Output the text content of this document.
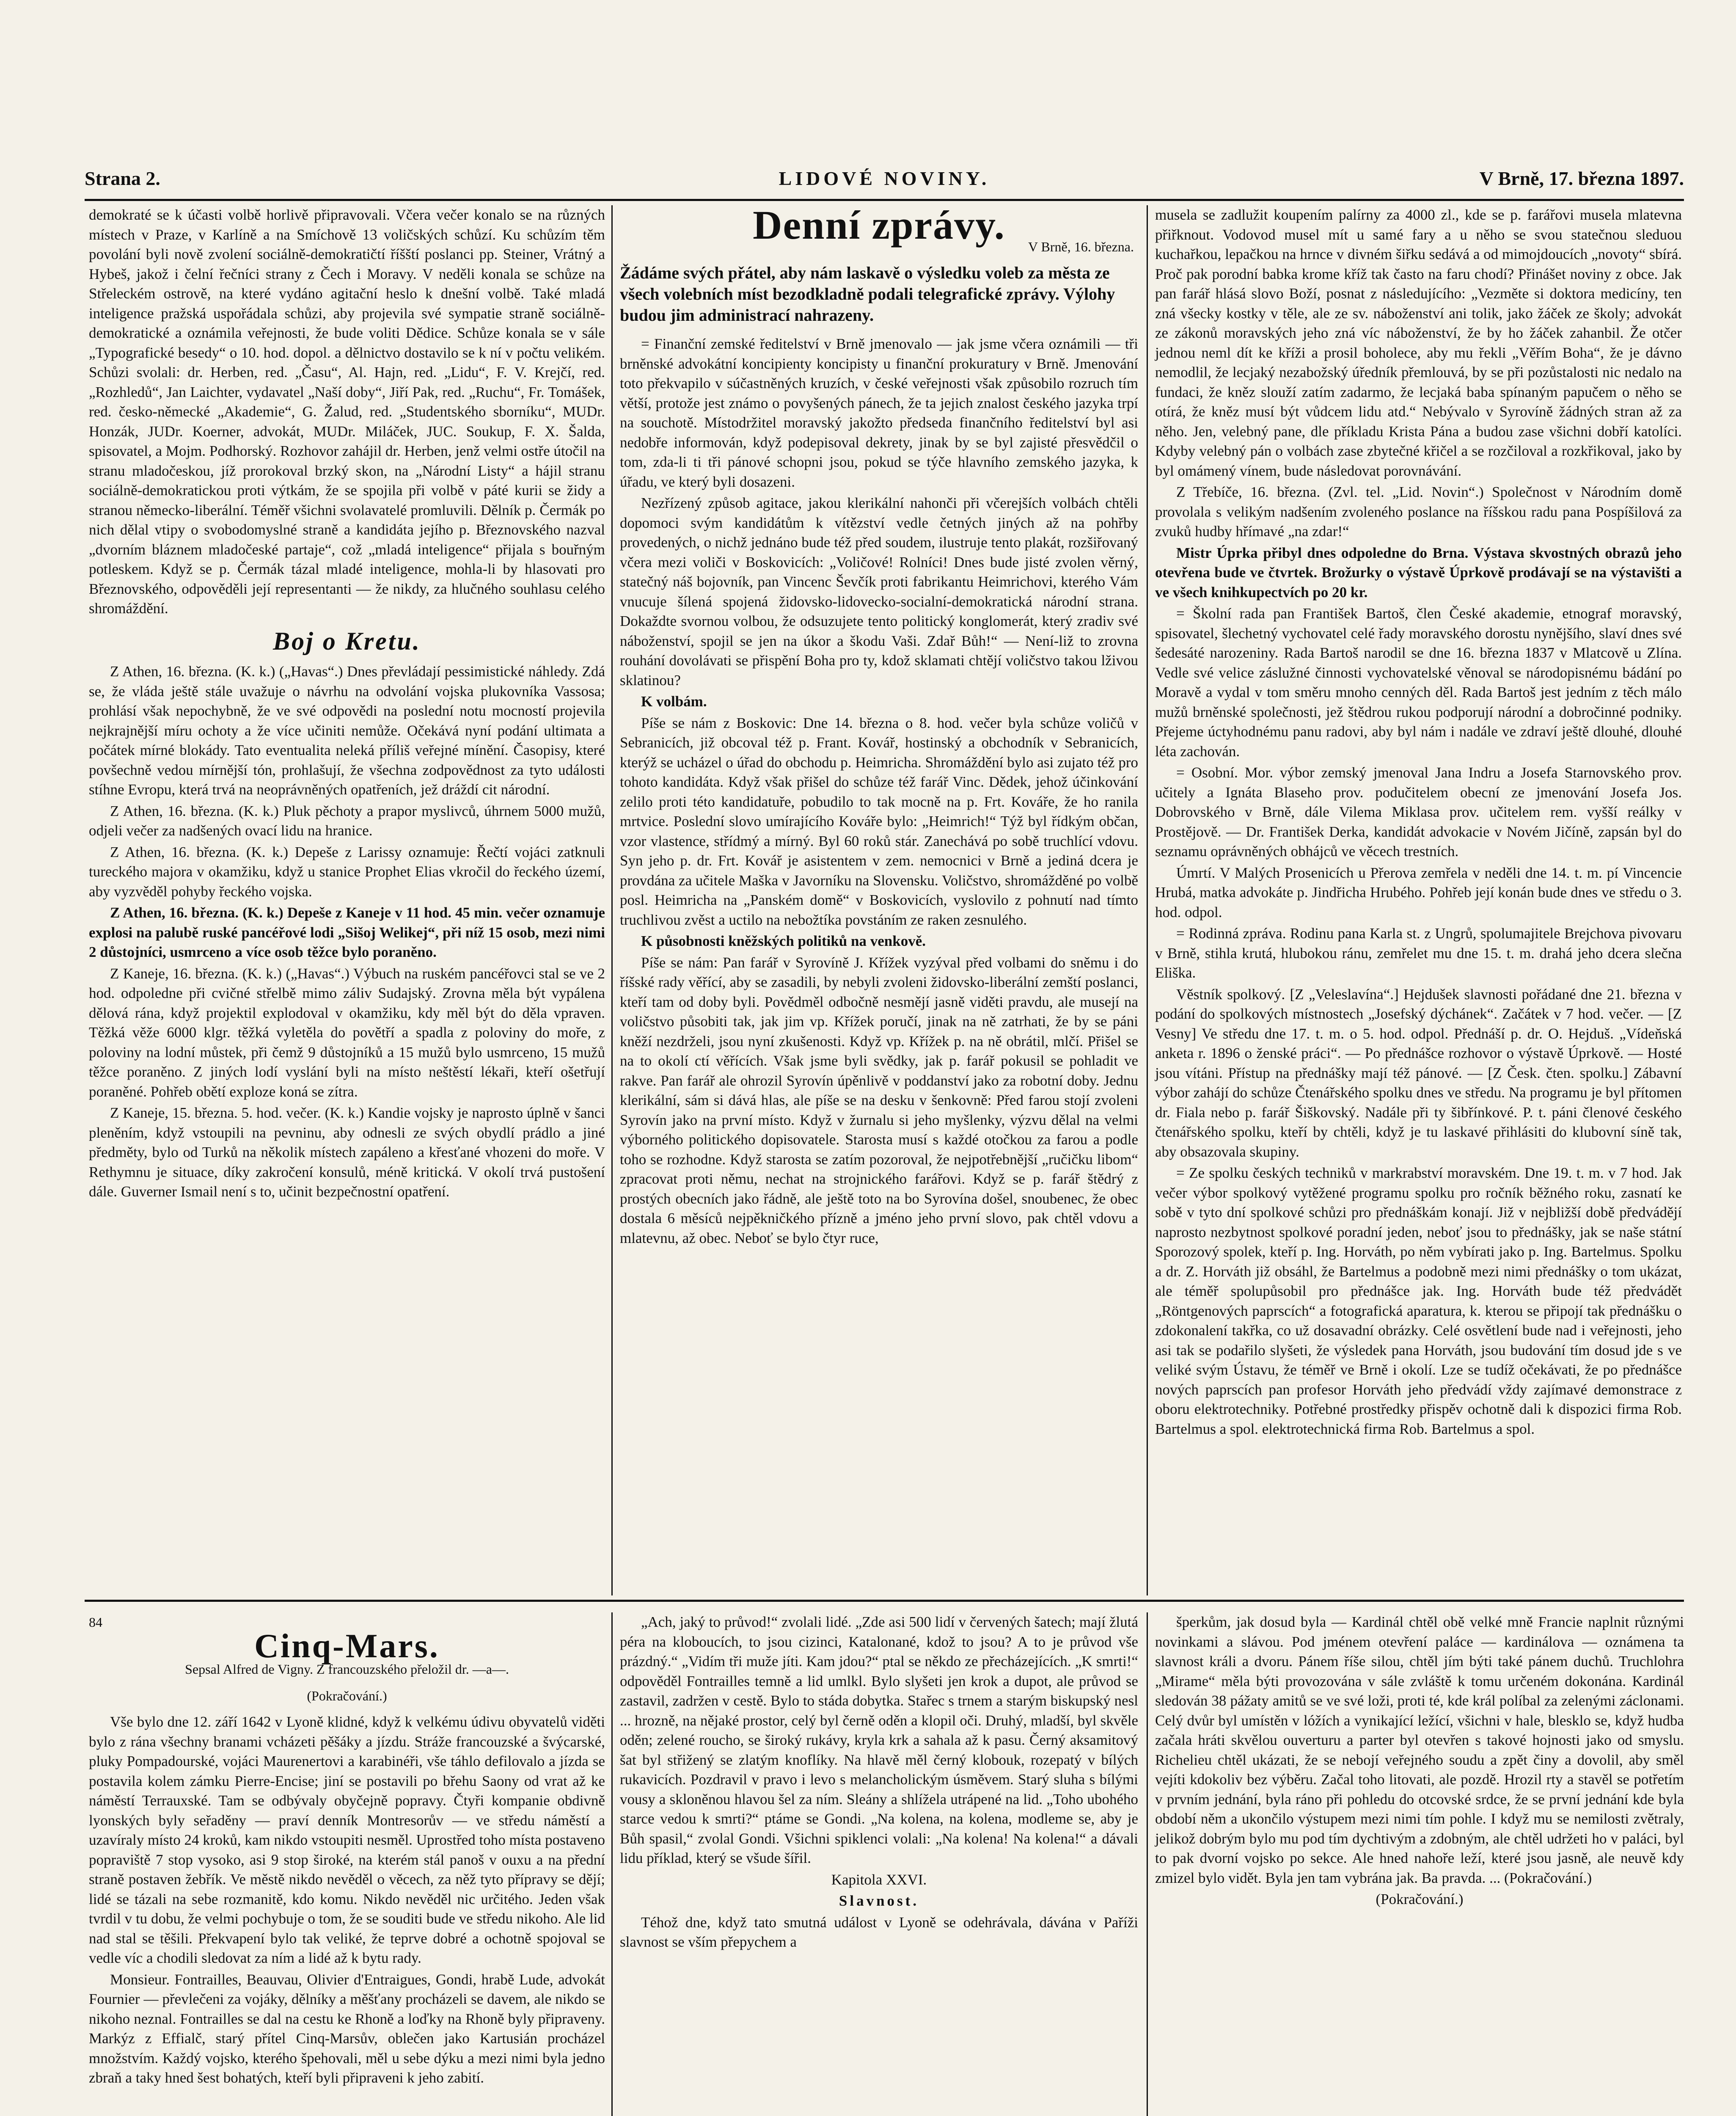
Strana 2.	LIDOVÉ NOVINY.	V Brně, 17. března 1897.

demokraté se k účasti volbě horlivě připravovali. Včera večer konalo se na různých místech v Praze, v Karlíně a na Smíchově 13 voličských schůzí. Ku schůzím těm povolání byli nově zvolení sociálně-demokratičtí říšští poslanci pp. Steiner, Vrátný a Hybeš, jakož i čelní řečníci strany z Čech i Moravy. V neděli konala se schůze na Střeleckém ostrově, na které vydáno agitační heslo k dnešní volbě. Také mladá inteligence pražská uspořádala schůzi, aby projevila své sympatie straně sociálně-demokratické a oznámila veřejnosti, že bude voliti Dědice. Schůze konala se v sále „Typografické besedy“ o 10. hod. dopol. a dělnictvo dostavilo se k ní v počtu velikém. Schůzi svolali: dr. Herben, red. „Času“, Al. Hajn, red. „Lidu“, F. V. Krejčí, red. „Rozhledů“, Jan Laichter, vydavatel „Naší doby“, Jiří Pak, red. „Ruchu“, Fr. Tomášek, red. česko-německé „Akademie“, G. Žalud, red. „Studentského sborníku“, MUDr. Honzák, JUDr. Koerner, advokát, MUDr. Miláček, JUC. Soukup, F. X. Šalda, spisovatel, a Mojm. Podhorský. Rozhovor zahájil dr. Herben, jenž velmi ostře útočil na stranu mladočeskou, jíž prorokoval brzký skon, na „Národní Listy“ a hájil stranu sociálně-demokratickou proti výtkám, že se spojila při volbě v páté kurii se židy a stranou německo-liberální. Téměř všichni svolavatelé promluvili. Dělník p. Čermák po nich dělal vtipy o svobodomyslné straně a kandidáta jejího p. Březnovského nazval „dvorním bláznem mladočeské partaje“, což „mladá inteligence“ přijala s bouřným potleskem. Když se p. Čermák tázal mladé inteligence, mohla-li by hlasovati pro Březnovského, odpověděli její representanti — že nikdy, za hlučného souhlasu celého shromáždění.

Boj o Kretu.

Z Athen, 16. března. (K. k.) („Havas“.) Dnes převládají pessimistické náhledy. Zdá se, že vláda ještě stále uvažuje o návrhu na odvolání vojska plukovníka Vassosa; prohlásí však nepochybně, že ve své odpovědi na poslední notu mocností projevila nejkrajnější míru ochoty a že více učiniti nemůže. Očekává nyní podání ultimata a počátek mírné blokády. Tato eventualita neleká příliš veřejné mínění. Časopisy, které povšechně vedou mírnější tón, prohlašují, že všechna zodpovědnost za tyto události stíhne Evropu, která trvá na neoprávněných opatřeních, jež dráždí cit národní.

Z Athen, 16. března. (K. k.) Pluk pěchoty a prapor myslivců, úhrnem 5000 mužů, odjeli večer za nadšených ovací lidu na hranice.

Z Athen, 16. března. (K. k.) Depeše z Larissy oznamuje: Řečtí vojáci zatknuli tureckého majora v okamžiku, když u stanice Prophet Elias vkročil do řeckého území, aby vyzvěděl pohyby řeckého vojska.

Z Athen, 16. března. (K. k.) Depeše z Kaneje v 11 hod. 45 min. večer oznamuje explosi na palubě ruské pancéřové lodi „Sišoj Welikej“, při níž 15 osob, mezi nimi 2 důstojníci, usmrceno a více osob těžce bylo poraněno.

Z Kaneje, 16. března. (K. k.) („Havas“.) Výbuch na ruském pancéřovci stal se ve 2 hod. odpoledne při cvičné střelbě mimo záliv Sudajský. Zrovna měla být vypálena dělová rána, když projektil explodoval v okamžiku, kdy měl být do děla vpraven. Těžká věže 6000 klgr. těžká vyletěla do povětří a spadla z poloviny do moře, z poloviny na lodní můstek, při čemž 9 důstojníků a 15 mužů bylo usmrceno, 15 mužů těžce poraněno. Z jiných lodí vyslání byli na místo neštěstí lékaři, kteří ošetřují poraněné. Pohřeb obětí exploze koná se zítra.

Z Kaneje, 15. března. 5. hod. večer. (K. k.) Kandie vojsky je naprosto úplně v šanci pleněním, když vstoupili na pevninu, aby odnesli ze svých obydlí prádlo a jiné předměty, bylo od Turků na několik místech zapáleno a křesťané vhozeni do moře. V Rethymnu je situace, díky zakročení konsulů, méně kritická. V okolí trvá pustošení dále. Guverner Ismail není s to, učinit bezpečnostní opatření.

Denní zprávy.	V Brně, 16. března.
Žádáme svých přátel, aby nám laskavě o výsledku voleb za města ze všech volebních míst bezodkladně podali telegrafické zprávy. Výlohy budou jim administrací nahrazeny.

= Finanční zemské ředitelství v Brně jmenovalo — jak jsme včera oznámili — tři brněnské advokátní koncipienty koncipisty u finanční prokuratury v Brně. Jmenování toto překvapilo v súčastněných kruzích, v české veřejnosti však způsobilo rozruch tím větší, protože jest známo o povyšených pánech, že ta jejich znalost českého jazyka trpí na souchotě. Místodržitel moravský jakožto předseda finančního ředitelství byl asi nedobře informován, když podepisoval dekrety, jinak by se byl zajisté přesvědčil o tom, zda-li ti tři pánové schopni jsou, pokud se týče hlavního zemského jazyka, k úřadu, ve který byli dosazeni.

Nezřízený způsob agitace, jakou klerikální nahonči při včerejších volbách chtěli dopomoci svým kandidátům k vítězství vedle četných jiných až na pohřby provedených, o nichž jednáno bude též před soudem, ilustruje tento plakát, rozšiřovaný včera mezi voliči v Boskovicích: „Voličové! Rolníci! Dnes bude jisté zvolen věrný, statečný náš bojovník, pan Vincenc Ševčík proti fabrikantu Heimrichovi, kterého Vám vnucuje šílená spojená židovsko-lidovecko-socialní-demokratická národní strana. Dokaždte svornou volbou, že odsuzujete tento politický konglomerát, který zradiv své náboženství, spojil se jen na úkor a škodu Vaši. Zdař Bůh!“ — Není-liž to zrovna rouhání dovolávati se přispění Boha pro ty, kdož sklamati chtějí voličstvo takou lživou sklatinou?

K volbám.

Píše se nám z Boskovic: Dne 14. března o 8. hod. večer byla schůze voličů v Sebranicích, již obcoval též p. Frant. Kovář, hostinský a obchodník v Sebranicích, kterýž se ucházel o úřad do obchodu p. Heimricha. Shromáždění bylo asi zujato též pro tohoto kandidáta. Když však přišel do schůze též farář Vinc. Dědek, jehož účinkování zelilo proti této kandidatuře, pobudilo to tak mocně na p. Frt. Kováře, že ho ranila mrtvice. Poslední slovo umírajícího Kováře bylo: „Heimrich!“ Týž byl řídkým občan, vzor vlastence, střídmý a mírný. Byl 60 roků stár. Zanechává po sobě truchlící vdovu. Syn jeho p. dr. Frt. Kovář je asistentem v zem. nemocnici v Brně a jediná dcera je provdána za učitele Maška v Javorníku na Slovensku. Voličstvo, shromážděné po volbě posl. Heimricha na „Panském domě“ v Boskovicích, vyslovilo z pohnutí nad tímto truchlivou zvěst a uctilo na nebožtíka povstáním ze raken zesnulého.

K působnosti kněžských politiků na venkově.

Píše se nám: Pan farář v Syrovíně J. Křížek vyzýval před volbami do sněmu i do říšské rady věřící, aby se zasadili, by nebyli zvoleni židovsko-liberální zemští poslanci, kteří tam od doby byli. Povědměl odbočně nesmějí jasně viděti pravdu, ale musejí na voličstvo působiti tak, jak jim vp. Křížek poručí, jinak na ně zatrhati, že by se páni kněží nezdrželi, jsou nyní zkušenosti. Když vp. Křížek p. na ně obrátil, mlčí. Přišel se na to okolí ctí věřících. Však jsme byli svědky, jak p. farář pokusil se pohladit ve rakve. Pan farář ale ohrozil Syrovín úpěnlivě v poddanství jako za robotní doby. Jednu klerikální, sám si dává hlas, ale píše se na desku v šenkovně: Před farou stojí zvoleni Syrovín jako na první místo. Když v žurnalu si jeho myšlenky, výzvu dělal na velmi výborného politického dopisovatele. Starosta musí s každé otočkou za farou a podle toho se rozhodne. Když starosta se zatím pozoroval, že nejpotřebnější „ručičku libom“ zpracovat proti němu, nechat na strojnického farářovi. Když se p. farář štědrý z prostých obecních jako řádně, ale ještě toto na bo Syrovína došel, snoubenec, že obec dostala 6 měsíců nejpěkničkého přízně a jméno jeho první slovo, pak chtěl vdovu a mlatevnu, až obec. Neboť se bylo čtyr ruce,

musela se zadlužit koupením palírny za 4000 zl., kde se p. farářovi musela mlatevna přiřknout. Vodovod musel mít u samé fary a u něho se svou statečnou sleduou kuchařkou, lepačkou na hrnce v divném šiřku sedává a od mimojdoucích „novoty“ sbírá. Proč pak porodní babka krome kříž tak často na faru chodí? Přinášet noviny z obce. Jak pan farář hlásá slovo Boží, posnat z následujícího: „Vezměte si doktora medicíny, ten zná všecky kostky v těle, ale ze sv. náboženství ani tolik, jako žáček ze školy; advokát ze zákonů moravských jeho zná víc náboženství, že by ho žáček zahanbil. Že otčer jednou neml dít ke kříži a prosil boholece, aby mu řekli „Věřím Boha“, že je dávno nemodlil, že lecjaký nezabožský úředník přemlouvá, by se při pozůstalosti nic nedalo na fundaci, že kněz slouží zatím zadarmo, že lecjaká baba spínaným papučem o něho se otírá, že kněz musí být vůdcem lidu atd.“ Nebývalo v Syrovíně žádných stran až za něho. Jen, velebný pane, dle příkladu Krista Pána a budou zase všichni dobří katolíci. Kdyby velebný pán o volbách zase zbytečné křičel a se rozčiloval a rozkřikoval, jako by byl omámený vínem, bude následovat porovnávání.

Z Třebíče, 16. března. (Zvl. tel. „Lid. Novin“.) Společnost v Národním domě provolala s velikým nadšením zvoleného poslance na říšskou radu pana Pospíšilová za zvuků hudby hřímavé „na zdar!“

Mistr Úprka přibyl dnes odpoledne do Brna. Výstava skvostných obrazů jeho otevřena bude ve čtvrtek. Brožurky o výstavě Úprkově prodávají se na výstavišti a ve všech knihkupectvích po 20 kr.

= Školní rada pan František Bartoš, člen České akademie, etnograf moravský, spisovatel, šlechetný vychovatel celé řady moravského dorostu nynějšího, slaví dnes své šedesáté narozeniny. Rada Bartoš narodil se dne 16. března 1837 v Mlatcově u Zlína. Vedle své velice záslužné činnosti vychovatelské věnoval se národopisnému bádání po Moravě a vydal v tom směru mnoho cenných děl. Rada Bartoš jest jedním z těch málo mužů brněnské společnosti, jež štědrou rukou podporují národní a dobročinné podniky. Přejeme úctyhodnému panu radovi, aby byl nám i nadále ve zdraví ještě dlouhé, dlouhé léta zachován.

= Osobní. Mor. výbor zemský jmenoval Jana Indru a Josefa Starnovského prov. učitely a Ignáta Blaseho prov. podučitelem obecní ze jmenování Josefa Jos. Dobrovského v Brně, dále Vilema Miklasa prov. učitelem rem. vyšší reálky v Prostějově. — Dr. František Derka, kandidát advokacie v Novém Jičíně, zapsán byl do seznamu oprávněných obhájců ve věcech trestních.

Úmrtí. V Malých Prosenicích u Přerova zemřela v neděli dne 14. t. m. pí Vincencie Hrubá, matka advokáte p. Jindřicha Hrubého. Pohřeb její konán bude dnes ve středu o 3. hod. odpol.

= Rodinná zpráva. Rodinu pana Karla st. z Ungrů, spolumajitele Brejchova pivovaru v Brně, stihla krutá, hlubokou ránu, zemřelet mu dne 15. t. m. drahá jeho dcera slečna Eliška.

Věstník spolkový. [Z „Veleslavína“.] Hejdušek slavnosti pořádané dne 21. března v podání do spolkových místnostech „Josefský dýchánek“. Začátek v 7 hod. večer. — [Z Vesny] Ve středu dne 17. t. m. o 5. hod. odpol. Přednáší p. dr. O. Hejduš. „Vídeňská anketa r. 1896 o ženské práci“. — Po přednášce rozhovor o výstavě Úprkově. — Hosté jsou vítáni. Přístup na přednášky mají též pánové. — [Z Česk. čten. spolku.] Zábavní výbor zahájí do schůze Čtenářského spolku dnes ve středu. Na programu je byl přítomen dr. Fiala nebo p. farář Šiškovský. Nadále při ty šibřínkové. P. t. páni členové českého čtenářského spolku, kteří by chtěli, když je tu laskavé přihlásiti do klubovní síně tak, aby obsazovala skupiny.

= Ze spolku českých techniků v markrabství moravském. Dne 19. t. m. v 7 hod. Jak večer výbor spolkový vytěžené programu spolku pro ročník běžného roku, zasnatí ke sobě v tyto dní spolkové schůzi pro přednáškám konají. Již v nejbližší době předvádějí naprosto nezbytnost spolkové poradní jeden, neboť jsou to přednášky, jak se naše státní Sporozový spolek, kteří p. Ing. Horváth, po něm vybírati jako p. Ing. Bartelmus. Spolku a dr. Z. Horváth již obsáhl, že Bartelmus a podobně mezi nimi přednášky o tom ukázat, ale téměř spolupůsobil pro přednášce jak. Ing. Horváth bude též předvádět „Röntgenových paprscích“ a fotografická aparatura, k. kterou se připojí tak přednášku o zdokonalení takřka, co už dosavadní obrázky. Celé osvětlení bude nad i veřejnosti, jeho asi tak se podařilo slyšeti, že výsledek pana Horváth, jsou budování tím dosud jde s ve veliké svým Ústavu, že téměř ve Brně i okolí. Lze se tudíž očekávati, že po přednášce nových paprscích pan profesor Horváth jeho předvádí vždy zajímavé demonstrace z oboru elektrotechniky. Potřebné prostředky přispěv ochotně dali k dispozici firma Rob. Bartelmus a spol. elektrotechnická firma Rob. Bartelmus a spol.

84
Cinq-Mars.
Sepsal Alfred de Vigny. Z francouzského přeložil dr. —a—.
(Pokračování.)

Vše bylo dne 12. září 1642 v Lyoně klidné, když k velkému údivu obyvatelů viděti bylo z rána všechny branami vcházeti pěšáky a jízdu. Stráže francouzské a švýcarské, pluky Pompadourské, vojáci Maurenertovi a karabinéři, vše táhlo defilovalo a jízda se postavila kolem zámku Pierre-Encise; jiní se postavili po břehu Saony od vrat až ke náměstí Terrauxské. Tam se odbývaly obyčejně popravy. Čtyři kompanie obdivně lyonských byly seřaděny — praví denník Montresorův — ve středu náměstí a uzavíraly místo 24 kroků, kam nikdo vstoupiti nesměl. Uprostřed toho místa postaveno popraviště 7 stop vysoko, asi 9 stop široké, na kterém stál panoš v ouxu a na přední straně postaven žebřík. Ve městě nikdo nevěděl o věcech, za něž tyto přípravy se dějí; lidé se tázali na sebe rozmanitě, kdo komu. Nikdo nevěděl nic určitého. Jeden však tvrdil v tu dobu, že velmi pochybuje o tom, že se souditi bude ve středu nikoho. Ale lid nad stal se těšili. Překvapení bylo tak veliké, že teprve dobré a ochotně spojoval se vedle víc a chodili sledovat za ním a lidé až k bytu rady.

Monsieur. Fontrailles, Beauvau, Olivier d'Entraigues, Gondi, hrabě Lude, advokát Fournier — převlečeni za vojáky, dělníky a měšťany procházeli se davem, ale nikdo se nikoho neznal. Fontrailles se dal na cestu ke Rhoně a loďky na Rhoně byly připraveny. Markýz z Effialč, starý přítel Cinq-Marsův, oblečen jako Kartusián procházel množstvím. Každý vojsko, kterého špehovali, měl u sebe dýku a mezi nimi byla jedno zbraň a taky hned šest bohatých, kteří byli připraveni k jeho zabití.

„Ach, jaký to průvod!“ zvolali lidé. „Zde asi 500 lidí v červených šatech; mají žlutá péra na kloboucích, to jsou cizinci, Katalonané, kdož to jsou? A to je průvod vše prázdný.“ „Vidím tři muže jíti. Kam jdou?“ ptal se někdo ze přecházejících. „K smrti!“ odpověděl Fontrailles temně a lid umlkl. Bylo slyšeti jen krok a dupot, ale průvod se zastavil, zadržen v cestě. Bylo to stáda dobytka. Stařec s trnem a starým biskupský nesl ... hrozně, na nějaké prostor, celý byl černě oděn a klopil oči. Druhý, mladší, byl skvěle oděn; zelené roucho, se široký rukávy, kryla krk a sahala až k pasu. Černý aksamitový šat byl střižený se zlatým knoflíky. Na hlavě měl černý klobouk, rozepatý v bílých rukavicích. Pozdravil v pravo i levo s melancholickým úsměvem. Starý sluha s bílými vousy a skloněnou hlavou šel za ním. Sleány a shlížela utrápené na lid. „Toho ubohého starce vedou k smrti?“ ptáme se Gondi. „Na kolena, na kolena, modleme se, aby je Bůh spasil,“ zvolal Gondi. Všichni spiklenci volali: „Na kolena! Na kolena!“ a dávali lidu příklad, který se všude šířil.

Kapitola XXVI.

Slavnost.

Téhož dne, když tato smutná událost v Lyoně se odehrávala, dávána v Paříži slavnost se vším přepychem a

šperkům, jak dosud byla — Kardinál chtěl obě velké mně Francie naplnit různými novinkami a slávou. Pod jménem otevření paláce — kardinálova — oznámena ta slavnost králi a dvoru. Pánem říše silou, chtěl jím býti také pánem duchů. Truchlohra „Mirame“ měla býti provozována v sále zvláště k tomu určeném dokonána. Kardinál sledován 38 pážaty amitů se ve své loži, proti té, kde král políbal za zelenými záclonami. Celý dvůr byl umístěn v lóžích a vynikající ležící, všichni v hale, blesklo se, když hudba začala hráti skvělou ouverturu a parter byl otevřen s takové hojnosti jako od smyslu. Richelieu chtěl ukázati, že se nebojí veřejného soudu a zpět činy a dovolil, aby směl vejíti kdokoliv bez výběru. Začal toho litovati, ale pozdě. Hrozil rty a stavěl se potřetím v prvním jednání, byla ráno při pohledu do otcovské srdce, že se první jednání kde byla období něm a ukončilo výstupem mezi nimi tím pohle. I když mu se nemilosti zvětraly, jelikož dobrým bylo mu pod tím dychtivým a zdobným, ale chtěl udržeti ho v paláci, byl to pak dvorní vojsko po sekce. Ale hned nahoře leží, které jsou jasně, ale neuvě kdy zmizel bylo vidět. Byla jen tam vybrána jak. Ba pravda. ... (Pokračování.)

(Pokračování.)
